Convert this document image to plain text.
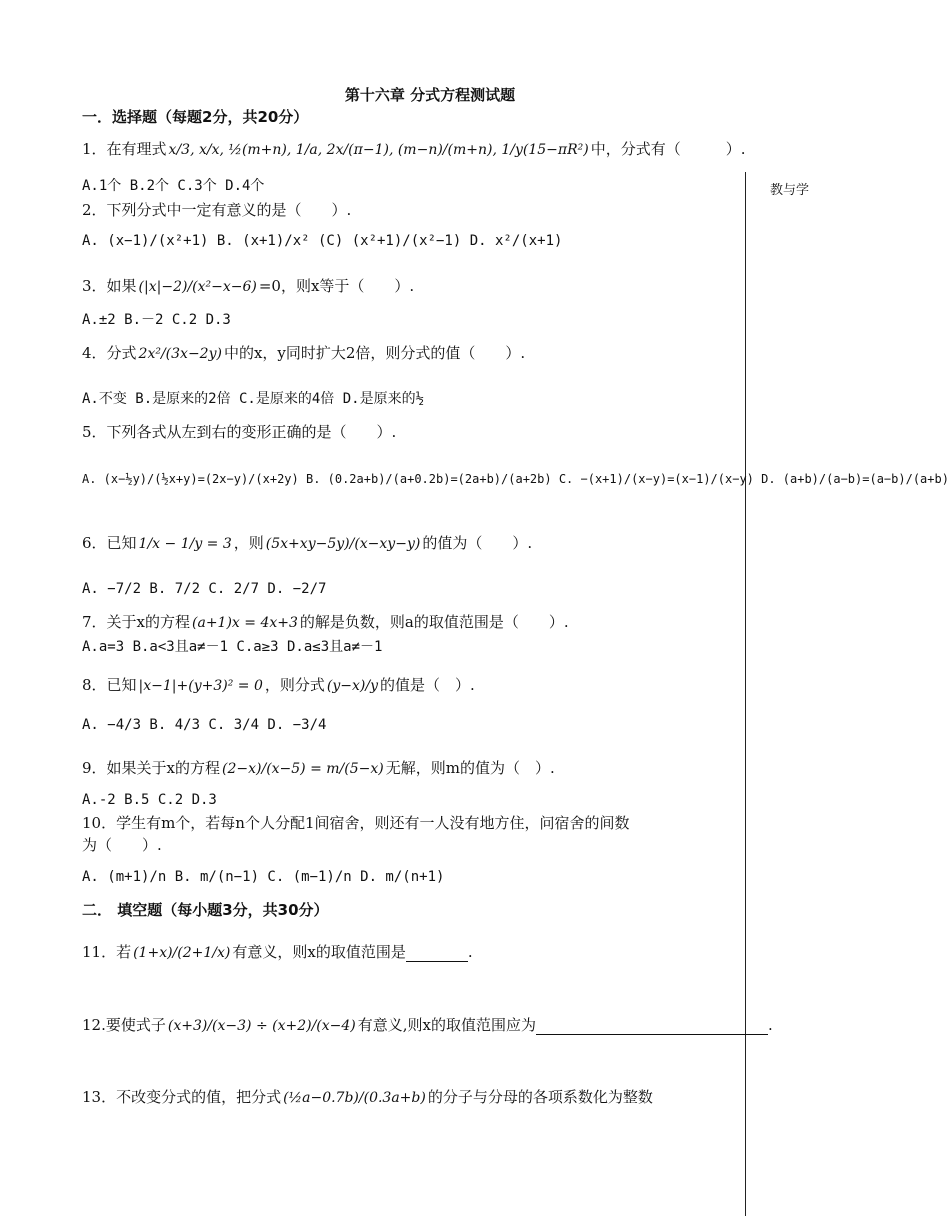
第十六章 分式方程测试题
教与学
一．选择题（每题2分，共20分）
1．在有理式 x/3, x/x, ½(m+n), 1/a, 2x/(π−1), (m−n)/(m+n), 1/y(15−πR²) 中，分式有（　　　）.
A.1个 B.2个 C.3个 D.4个
2．下列分式中一定有意义的是（　　）.
A. (x−1)/(x²+1) B. (x+1)/x² (C) (x²+1)/(x²−1) D. x²/(x+1)
3．如果 (|x|−2)/(x²−x−6) =0，则x等于（　　）.
A.±2 B.－2 C.2 D.3
4．分式 2x²/(3x−2y) 中的x，y同时扩大2倍，则分式的值（　　）.
A.不变 B.是原来的2倍 C.是原来的4倍 D.是原来的½
5．下列各式从左到右的变形正确的是（　　）.
A. (x−½y)/(½x+y)=(2x−y)/(x+2y) B. (0.2a+b)/(a+0.2b)=(2a+b)/(a+2b) C. −(x+1)/(x−y)=(x−1)/(x−y) D. (a+b)/(a−b)=(a−b)/(a+b)
6．已知 1/x − 1/y = 3 ，则 (5x+xy−5y)/(x−xy−y) 的值为（　　）.
A. −7/2 B. 7/2 C. 2/7 D. −2/7
7．关于x的方程 (a+1)x = 4x+3 的解是负数，则a的取值范围是（　　）.
A.a=3 B.a<3且a≠－1 C.a≥3 D.a≤3且a≠－1
8．已知 |x−1|+(y+3)² = 0 ，则分式 (y−x)/y 的值是（　）.
A. −4/3 B. 4/3 C. 3/4 D. −3/4
9．如果关于x的方程 (2−x)/(x−5) = m/(5−x) 无解，则m的值为（　）.
A.-2 B.5 C.2 D.3
10．学生有m个，若每n个人分配1间宿舍，则还有一人没有地方住，问宿舍的间数
为（　　）.
A. (m+1)/n B. m/(n−1) C. (m−1)/n D. m/(n+1)
二． 填空题（每小题3分，共30分）
11．若 (1+x)/(2+1/x) 有意义，则x的取值范围是	.
12.要使式子 (x+3)/(x−3) ÷ (x+2)/(x−4) 有意义,则x的取值范围应为	.
13．不改变分式的值，把分式 (½a−0.7b)/(0.3a+b) 的分子与分母的各项系数化为整数
